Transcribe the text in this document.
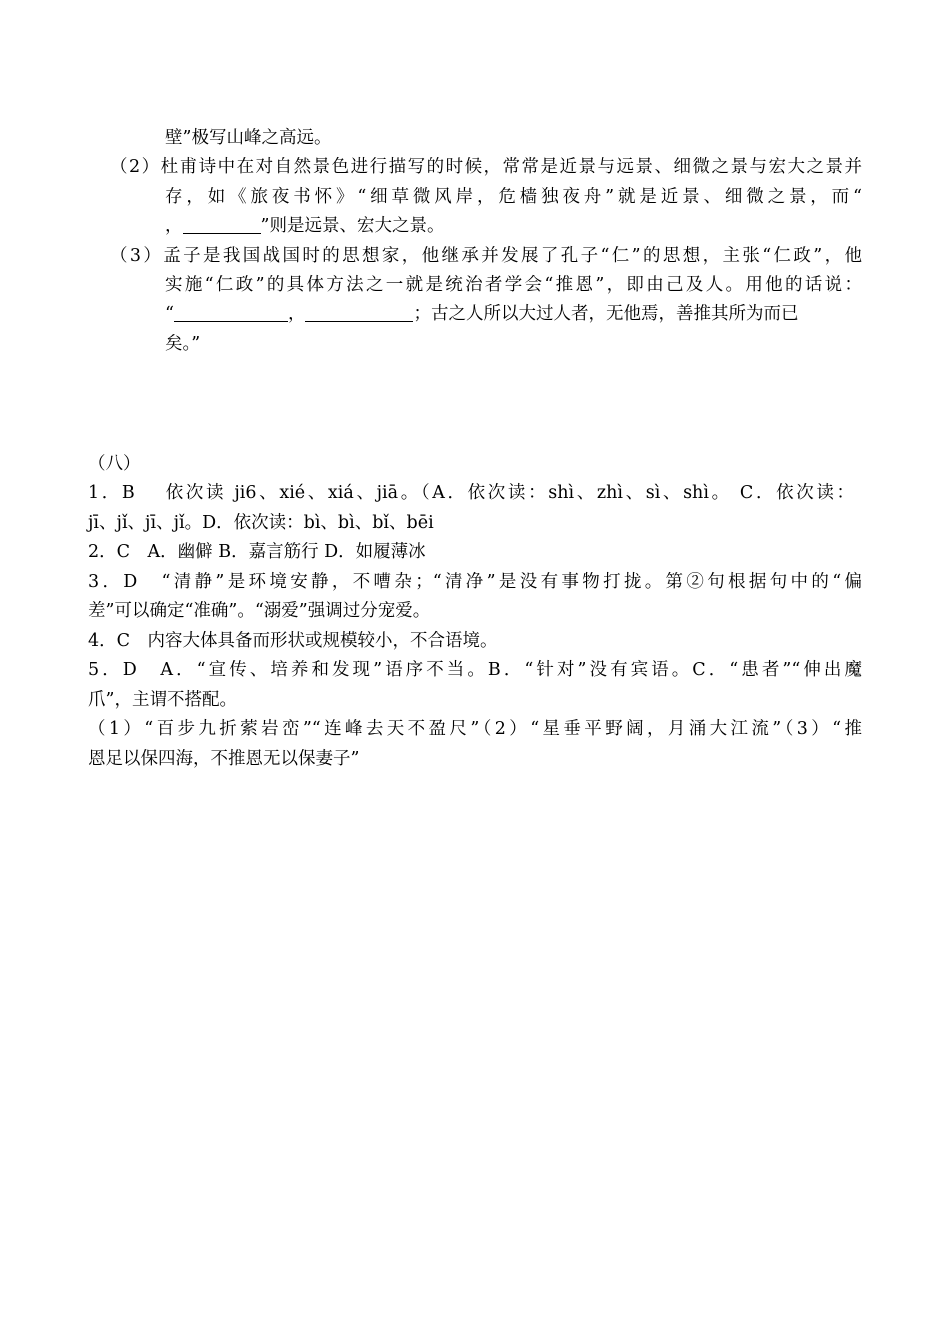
壁”极写山峰之高远。
（2）杜甫诗中在对自然景色进行描写的时候，常常是近景与远景、细微之景与宏大之景并
存，如《旅夜书怀》“细草微风岸，危樯独夜舟”就是近景、细微之景，而“
，	”则是远景、宏大之景。
（3）孟子是我国战国时的思想家，他继承并发展了孔子“仁”的思想，主张“仁政”，他
实施“仁政”的具体方法之一就是统治者学会“推恩”，即由己及人。用他的话说：
“	，	；古之人所以大过人者，无他焉，善推其所为而已
矣。”
（八）
1．B　 依次读 ji6、xié、xiá、jiā。（A．依次读：shì、zhì、sì、shì。 C．依次读：
jī、jǐ、jī、jǐ。D．依次读：bì、bì、bǐ、bēi
2．C　A．幽僻 B．嘉言筋行 D．如履薄冰
3．D　“清静”是环境安静，不嘈杂；“清净”是没有事物打拢。第②句根据句中的“偏
差”可以确定“准确”。“溺爱”强调过分宠爱。
4．C　内容大体具备而形状或规模较小，不合语境。
5．D　A．“宣传、培养和发现”语序不当。B．“针对”没有宾语。C．“患者”“伸出魔
爪”，主谓不搭配。
（1）“百步九折萦岩峦”“连峰去天不盈尺”（2）“星垂平野阔，月涌大江流”（3）“推
恩足以保四海，不推恩无以保妻子”
